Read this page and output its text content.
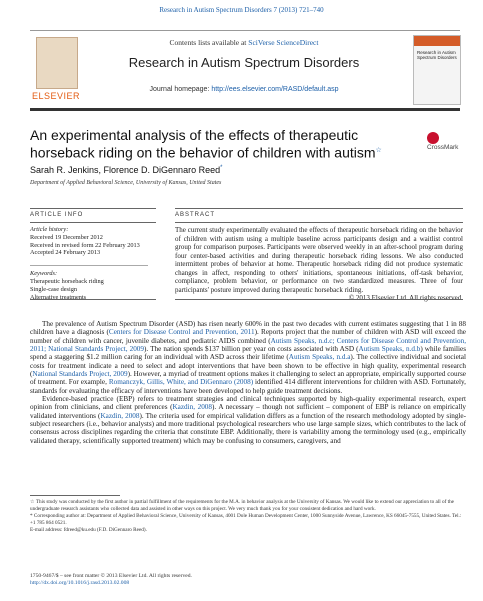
Research in Autism Spectrum Disorders 7 (2013) 721–740
ELSEVIER
Contents lists available at SciVerse ScienceDirect
Research in Autism Spectrum Disorders
Journal homepage: http://ees.elsevier.com/RASD/default.asp
Research in Autism Spectrum Disorders
An experimental analysis of the effects of therapeutic horseback riding on the behavior of children with autism☆	CrossMark
Sarah R. Jenkins, Florence D. DiGennaro Reed*
Department of Applied Behavioral Science, University of Kansas, United States
ARTICLE INFO	ABSTRACT
Article history:
Received 19 December 2012
Received in revised form 22 February 2013
Accepted 24 February 2013
Keywords:
Therapeutic horseback riding
Single-case design
Alternative treatments
The current study experimentally evaluated the effects of therapeutic horseback riding on the behavior of children with autism using a multiple baseline across participants design and a waitlist control group for comparison purposes. Participants were observed weekly in an after-school program during four center-based activities and during therapeutic horseback riding lessons. We also conducted intermittent probes of behavior at home. Therapeutic horseback riding did not produce systematic changes in affect, responding to others' initiations, spontaneous initiations, off-task behavior, compliance, problem behavior, or performance on two standardized measures. Three of four participants' posture improved during therapeutic horseback riding.
© 2013 Elsevier Ltd. All rights reserved.

The prevalence of Autism Spectrum Disorder (ASD) has risen nearly 600% in the past two decades with current estimates suggesting that 1 in 88 children have a diagnosis (Centers for Disease Control and Prevention, 2011). Reports project that the number of children with ASD will exceed the number of children with cancer, juvenile diabetes, and pediatric AIDS combined (Autism Speaks, n.d.c; Centers for Disease Control and Prevention, 2011; National Standards Project, 2009). The nation spends $137 billion per year on costs associated with ASD (Autism Speaks, n.d.b) while families spend a staggering $1.2 million caring for an individual with ASD across their lifetime (Autism Speaks, n.d.a). The collective individual and societal costs for treatment indicate a need to select and adopt interventions that have been shown to be effective in high quality, experimental research (National Standards Project, 2009). However, a myriad of treatment options makes it challenging to select an appropriate, empirically supported course of treatment. For example, Romanczyk, Gillis, White, and DiGennaro (2008) identified 414 different interventions for children with ASD. Fortunately, standards for evaluating the efficacy of interventions have been developed to help guide treatment decisions.

Evidence-based practice (EBP) refers to treatment strategies and clinical techniques supported by high-quality experimental research, expert opinion from clinicians, and client preferences (Kazdin, 2008). A necessary – though not sufficient – component of EBP is reliance on empirically validated interventions (Kazdin, 2008). The criteria used for empirical validation differs as a function of the research methodology adopted by single-subject researchers (i.e., behavior analysts) and more traditional psychological researchers who use large sample sizes, which contributes to the lack of consensus across disciplines regarding the criteria that constitute EBP. Additionally, there is variability among the terminology used (e.g., empirically validated therapy, scientifically supported treatment) which may be confusing to consumers, caregivers, and

☆ This study was conducted by the first author in partial fulfillment of the requirements for the M.A. in behavior analysis at the University of Kansas. We would like to extend our appreciation to all of the undergraduate research assistants who collected data and assisted in other ways on this project. We very much thank you for your consistent dedication and hard work.

* Corresponding author at: Department of Applied Behavioral Science, University of Kansas, 4001 Dole Human Development Center, 1000 Sunnyside Avenue, Lawrence, KS 66045-7555, United States. Tel.: +1 785 864 0521.

E-mail address: fdreed@ku.edu (F.D. DiGennaro Reed).

1750-9467/$ – see front matter © 2013 Elsevier Ltd. All rights reserved.
http://dx.doi.org/10.1016/j.rasd.2013.02.008
